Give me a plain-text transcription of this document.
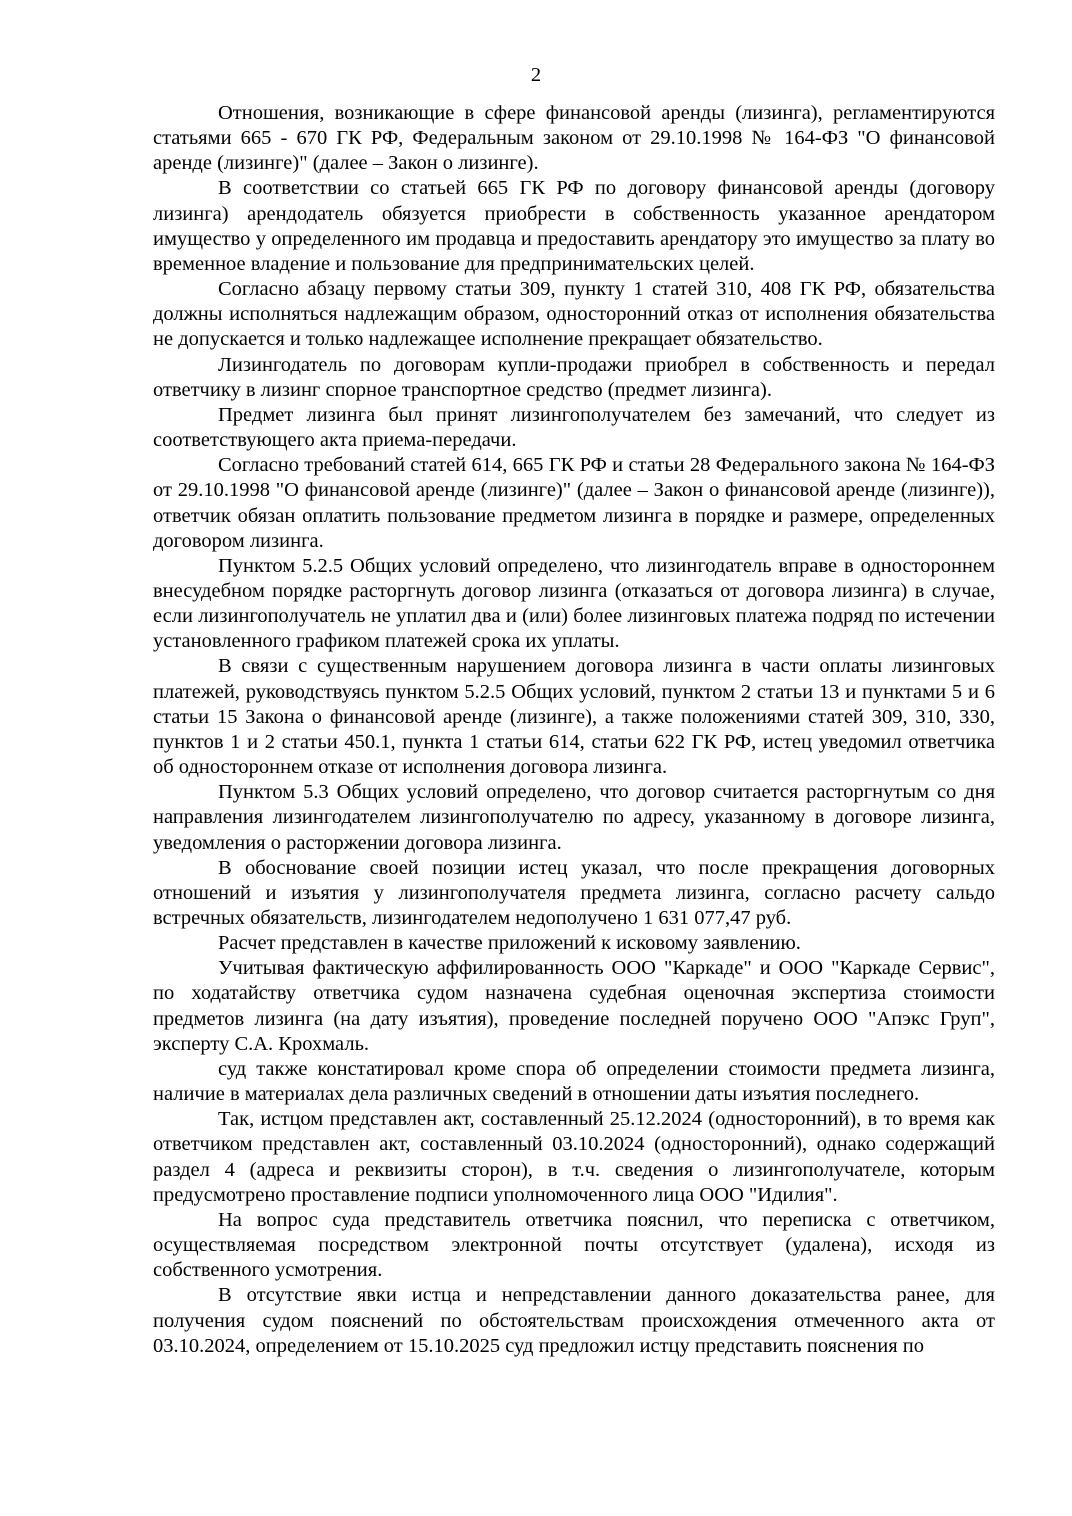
2

Отношения, возникающие в сфере финансовой аренды (лизинга), регламентируются статьями 665 - 670 ГК РФ, Федеральным законом от 29.10.1998 № 164-ФЗ "О финансовой аренде (лизинге)" (далее – Закон о лизинге).

В соответствии со статьей 665 ГК РФ по договору финансовой аренды (договору лизинга) арендодатель обязуется приобрести в собственность указанное арендатором имущество у определенного им продавца и предоставить арендатору это имущество за плату во временное владение и пользование для предпринимательских целей.

Согласно абзацу первому статьи 309, пункту 1 статей 310, 408 ГК РФ, обязательства должны исполняться надлежащим образом, односторонний отказ от исполнения обязательства не допускается и только надлежащее исполнение прекращает обязательство.

Лизингодатель по договорам купли-продажи приобрел в собственность и передал ответчику в лизинг спорное транспортное средство (предмет лизинга).

Предмет лизинга был принят лизингополучателем без замечаний, что следует из соответствующего акта приема-передачи.

Согласно требований статей 614, 665 ГК РФ и статьи 28 Федерального закона № 164-ФЗ от 29.10.1998 "О финансовой аренде (лизинге)" (далее – Закон о финансовой аренде (лизинге)), ответчик обязан оплатить пользование предметом лизинга в порядке и размере, определенных договором лизинга.

Пунктом 5.2.5 Общих условий определено, что лизингодатель вправе в одностороннем внесудебном порядке расторгнуть договор лизинга (отказаться от договора лизинга) в случае, если лизингополучатель не уплатил два и (или) более лизинговых платежа подряд по истечении установленного графиком платежей срока их уплаты.

В связи с существенным нарушением договора лизинга в части оплаты лизинговых платежей, руководствуясь пунктом 5.2.5 Общих условий, пунктом 2 статьи 13 и пунктами 5 и 6 статьи 15 Закона о финансовой аренде (лизинге), а также положениями статей 309, 310, 330, пунктов 1 и 2 статьи 450.1, пункта 1 статьи 614, статьи 622 ГК РФ, истец уведомил ответчика об одностороннем отказе от исполнения договора лизинга.

Пунктом 5.3 Общих условий определено, что договор считается расторгнутым со дня направления лизингодателем лизингополучателю по адресу, указанному в договоре лизинга, уведомления о расторжении договора лизинга.

В обоснование своей позиции истец указал, что после прекращения договорных отношений и изъятия у лизингополучателя предмета лизинга, согласно расчету сальдо встречных обязательств, лизингодателем недополучено 1 631 077,47 руб.

Расчет представлен в качестве приложений к исковому заявлению.

Учитывая фактическую аффилированность ООО "Каркаде" и ООО "Каркаде Сервис", по ходатайству ответчика судом назначена судебная оценочная экспертиза стоимости предметов лизинга (на дату изъятия), проведение последней поручено ООО "Апэкс Груп", эксперту С.А. Крохмаль.

суд также констатировал кроме спора об определении стоимости предмета лизинга, наличие в материалах дела различных сведений в отношении даты изъятия последнего.

Так, истцом представлен акт, составленный 25.12.2024 (односторонний), в то время как ответчиком представлен акт, составленный 03.10.2024 (односторонний), однако содержащий раздел 4 (адреса и реквизиты сторон), в т.ч. сведения о лизингополучателе, которым предусмотрено проставление подписи уполномоченного лица ООО "Идилия".

На вопрос суда представитель ответчика пояснил, что переписка с ответчиком, осуществляемая посредством электронной почты отсутствует (удалена), исходя из собственного усмотрения.

В отсутствие явки истца и непредставлении данного доказательства ранее, для получения судом пояснений по обстоятельствам происхождения отмеченного акта от 03.10.2024, определением от 15.10.2025 суд предложил истцу представить пояснения по
